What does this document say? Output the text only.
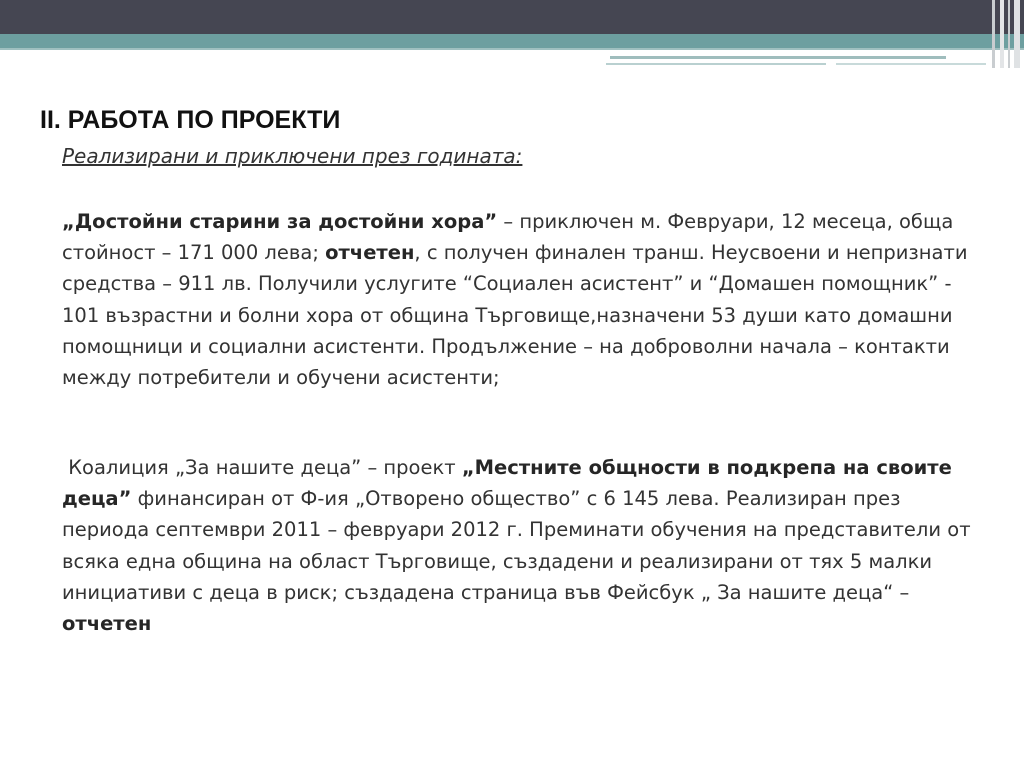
II. РАБОТА ПО ПРОЕКТИ
Реализирани и приключени през годината:

„Достойни старини за достойни хора” – приключен м. Февруари, 12 месеца, обща стойност – 171 000 лева; отчетен, с получен финален транш. Неусвоени и непризнати средства – 911 лв. Получили услугите “Социален асистент” и “Домашен помощник” - 101 възрастни и болни хора от община Търговище,назначени 53 души като домашни помощници и социални асистенти. Продължение – на доброволни начала – контакти между потребители и обучени асистенти;

Коалиция „За нашите деца” – проект „Местните общности в подкрепа на своите деца” финансиран от Ф-ия „Отворено общество” с 6 145 лева. Реализиран през периода септември 2011 – февруари 2012 г. Преминати обучения на представители от всяка една община на област Търговище, създадени и реализирани от тях 5 малки инициативи с деца в риск; създадена страница във Фейсбук „ За нашите деца“ – отчетен
